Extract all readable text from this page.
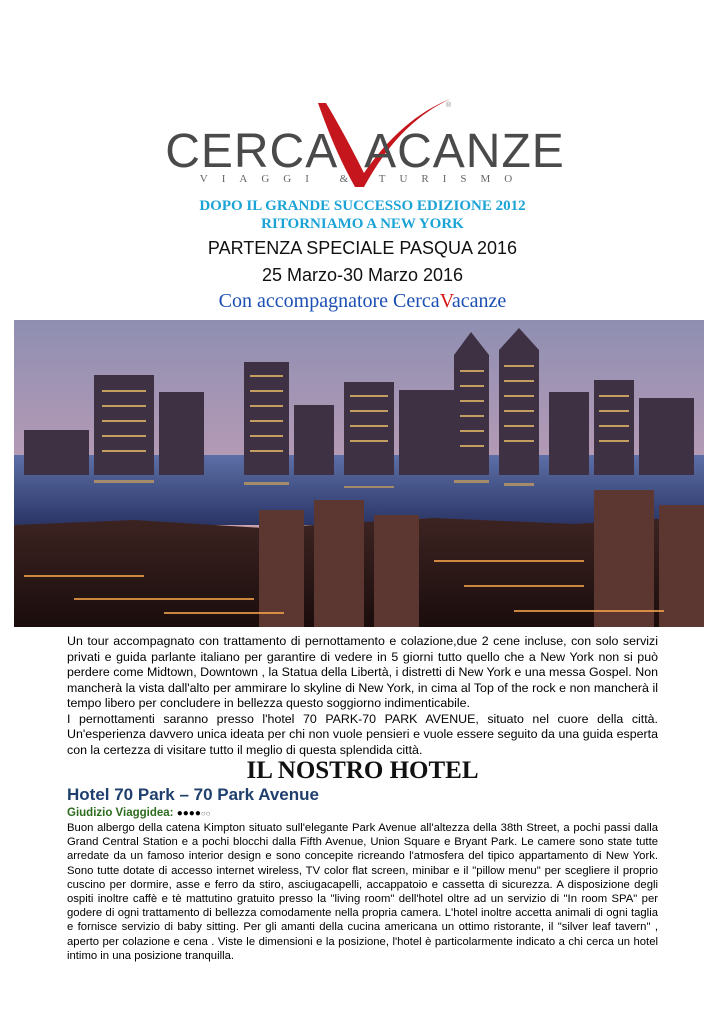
®
CERCA ACANZE
VIAGGI & TURISMO
DOPO IL GRANDE SUCCESSO EDIZIONE 2012
RITORNIAMO A NEW YORK
PARTENZA SPECIALE PASQUA 2016
25 Marzo-30 Marzo 2016
Con accompagnatore CercaVacanze

Un tour accompagnato con trattamento di pernottamento e colazione,due 2 cene incluse, con solo servizi privati e guida parlante italiano per garantire di vedere in 5 giorni tutto quello che a New York non si può perdere come Midtown, Downtown , la Statua della Libertà, i distretti di New York e una messa Gospel. Non mancherà la vista dall'alto per ammirare lo skyline di New York, in cima al Top of the rock e non mancherà il tempo libero per concludere in bellezza questo soggiorno indimenticabile.

I pernottamenti saranno presso l'hotel 70 PARK-70 PARK AVENUE, situato nel cuore della città. Un'esperienza davvero unica ideata per chi non vuole pensieri e vuole essere seguito da una guida esperta con la certezza di visitare tutto il meglio di questa splendida città.

IL NOSTRO HOTEL
Hotel 70 Park – 70 Park Avenue
Giudizio Viaggidea: ●●●●○○
Buon albergo della catena Kimpton situato sull'elegante Park Avenue all'altezza della 38th Street, a pochi passi dalla Grand Central Station e a pochi blocchi dalla Fifth Avenue, Union Square e Bryant Park. Le camere sono state tutte arredate da un famoso interior design e sono concepite ricreando l'atmosfera del tipico appartamento di New York. Sono tutte dotate di accesso internet wireless, TV color flat screen, minibar e il "pillow menu" per scegliere il proprio cuscino per dormire, asse e ferro da stiro, asciugacapelli, accappatoio e cassetta di sicurezza. A disposizione degli ospiti inoltre caffè e tè mattutino gratuito presso la "living room" dell'hotel oltre ad un servizio di "In room SPA" per godere di ogni trattamento di bellezza comodamente nella propria camera. L'hotel inoltre accetta animali di ogni taglia e fornisce servizio di baby sitting. Per gli amanti della cucina americana un ottimo ristorante, il "silver leaf tavern" , aperto per colazione e cena . Viste le dimensioni e la posizione, l'hotel è particolarmente indicato a chi cerca un hotel intimo in una posizione tranquilla.
